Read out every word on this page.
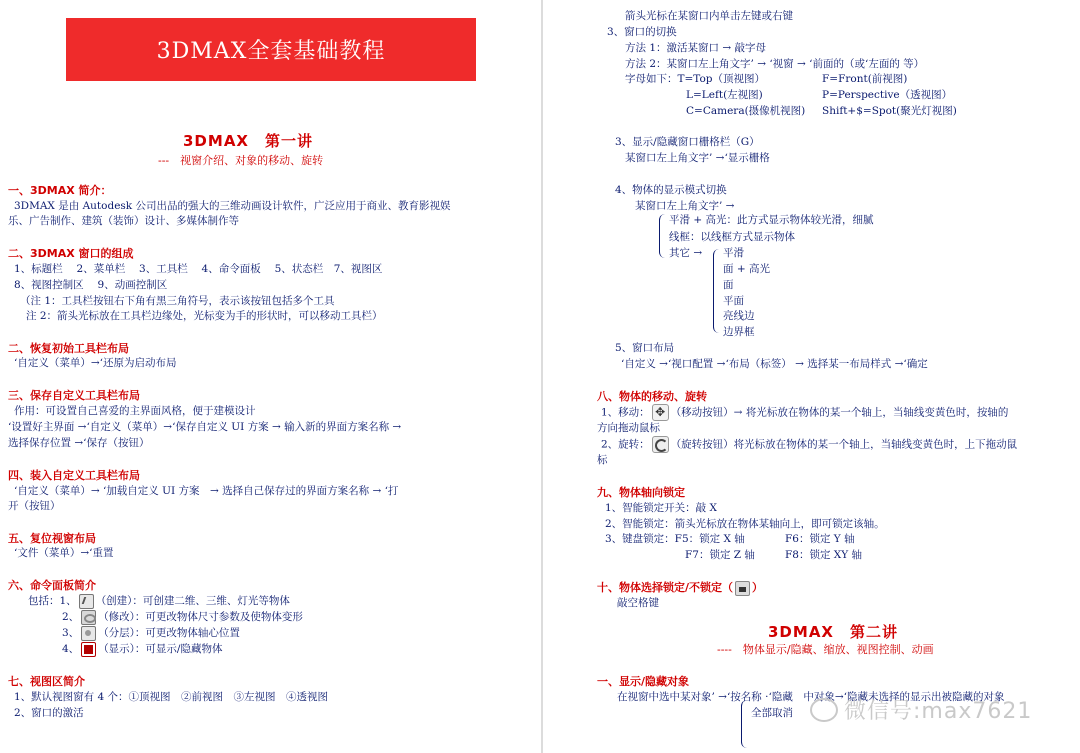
3DMAX全套基础教程
3DMAX　第一讲
---　视窗介绍、对象的移动、旋转
一、3DMAX 简介：
3DMAX 是由 Autodesk 公司出品的强大的三维动画设计软件，广泛应用于商业、教育影视娱
乐、广告制作、建筑（装饰）设计、多媒体制作等
二、3DMAX 窗口的组成
1、标题栏　 2、菜单栏　 3、工具栏　 4、命令面板　 5、状态栏　7、视图区
8、视图控制区　 9、动画控制区
（注 1：工具栏按钮右下角有黑三角符号，表示该按钮包括多个工具
注 2：箭头光标放在工具栏边缘处，光标变为手的形状时，可以移动工具栏）
二、恢复初始工具栏布局
‘自定义（菜单）→‘还原为启动布局
三、保存自定义工具栏布局
作用：可设置自己喜爱的主界面风格，便于建模设计
‘设置好主界面 →‘自定义（菜单）→‘保存自定义 UI 方案 → 输入新的界面方案名称 →
选择保存位置 →‘保存（按钮）
四、装入自定义工具栏布局
‘自定义（菜单）→ ‘加载自定义 UI 方案　→ 选择自己保存过的界面方案名称 → ‘打
开（按钮）
五、复位视窗布局
‘文件（菜单）→‘重置
六、命令面板简介
包括：1、 （创建）：可创建二维、三维、灯光等物体
2、 （修改）：可更改物体尺寸参数及使物体变形
3、 （分层）：可更改物体轴心位置
4、 （显示）：可显示/隐藏物体
七、视图区简介
1、默认视图窗有 4 个：①顶视图　②前视图　③左视图　④透视图
2、窗口的激活
箭头光标在某窗口内单击左键或右键
3、窗口的切换
方法 1：激活某窗口 → 敲字母
方法 2：某窗口左上角文字’ → ‘视窗 → ‘前面的（或‘左面的 等）
字母如下：T=Top（顶视图）	F=Front(前视图)
L=Left(左视图)	P=Perspective（透视图）
C=Camera(摄像机视图) Shift+$=Spot(聚光灯视图)
3、显示/隐藏窗口栅格栏（G）
某窗口左上角文字’ →‘显示栅格
4、物体的显示模式切换
某窗口左上角文字’ →
平滑 + 高光：此方式显示物体较光滑，细腻
线框：以线框方式显示物体
其它 → 平滑
面 + 高光
面
平面
亮线边
边界框
5、窗口布局
‘自定义 →‘视口配置 →‘布局（标签） → 选择某一布局样式 →‘确定
八、物体的移动、旋转
1、移动： ✥ （移动按钮）→ 将光标放在物体的某一个轴上，当轴线变黄色时，按轴的
方向拖动鼠标
2、旋转： （旋转按钮）将光标放在物体的某一个轴上，当轴线变黄色时，上下拖动鼠
标
九、物体轴向锁定
1、智能锁定开关：敲 X
2、智能锁定：箭头光标放在物体某轴向上，即可锁定该轴。
3、键盘锁定：F5：锁定 X 轴	F6：锁定 Y 轴
F7：锁定 Z 轴	F8：锁定 XY 轴
十、物体选择锁定/不锁定（ ）
敲空格键
3DMAX　第二讲
----　物体显示/隐藏、缩放、视图控制、动画
一、显示/隐藏对象
在视窗中选中某对象’ →‘按名称 ·‘隐藏　中对象→‘隐藏未选择的显示出被隐藏的对象
全部取消 微信号:max7621
